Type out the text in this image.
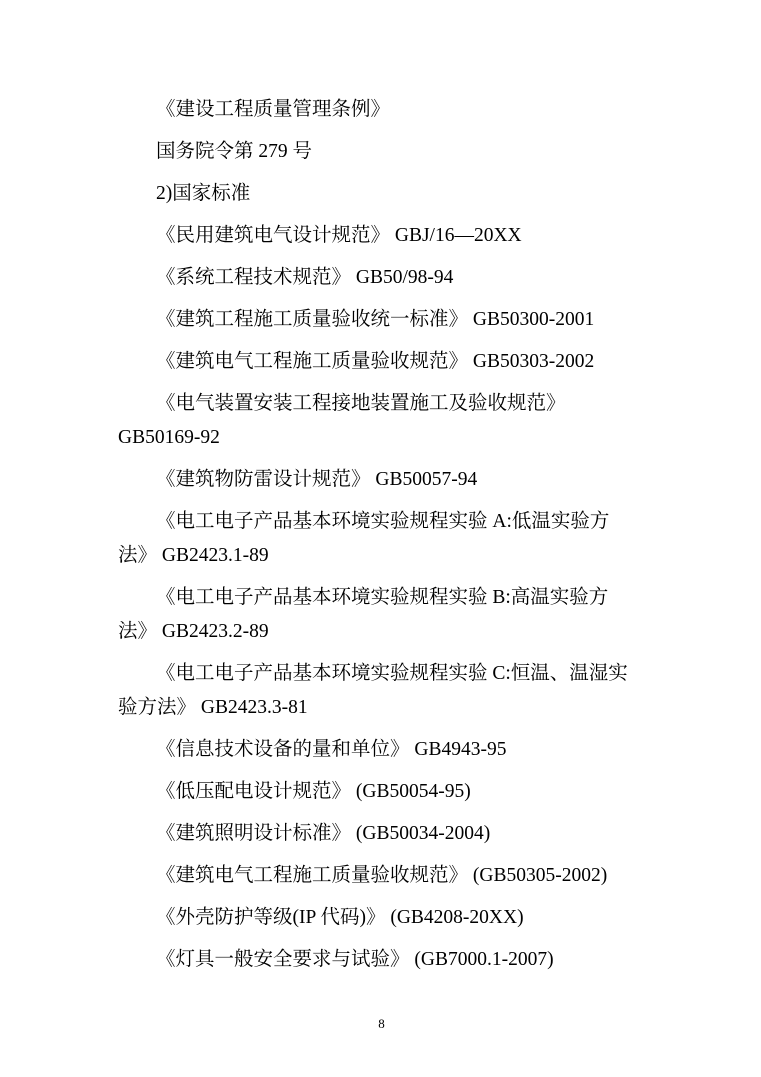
《建设工程质量管理条例》

国务院令第 279 号

2)国家标准

《民用建筑电气设计规范》 GBJ/16—20XX

《系统工程技术规范》 GB50/98-94

《建筑工程施工质量验收统一标准》 GB50300-2001

《建筑电气工程施工质量验收规范》 GB50303-2002

《电气装置安装工程接地装置施工及验收规范》 GB50169-92

《建筑物防雷设计规范》 GB50057-94

《电工电子产品基本环境实验规程实验 A:低温实验方法》 GB2423.1-89

《电工电子产品基本环境实验规程实验 B:高温实验方法》 GB2423.2-89

《电工电子产品基本环境实验规程实验 C:恒温、温湿实验方法》 GB2423.3-81

《信息技术设备的量和单位》 GB4943-95

《低压配电设计规范》 (GB50054-95)

《建筑照明设计标准》 (GB50034-2004)

《建筑电气工程施工质量验收规范》 (GB50305-2002)

《外壳防护等级(IP 代码)》 (GB4208-20XX)

《灯具一般安全要求与试验》 (GB7000.1-2007)

8
